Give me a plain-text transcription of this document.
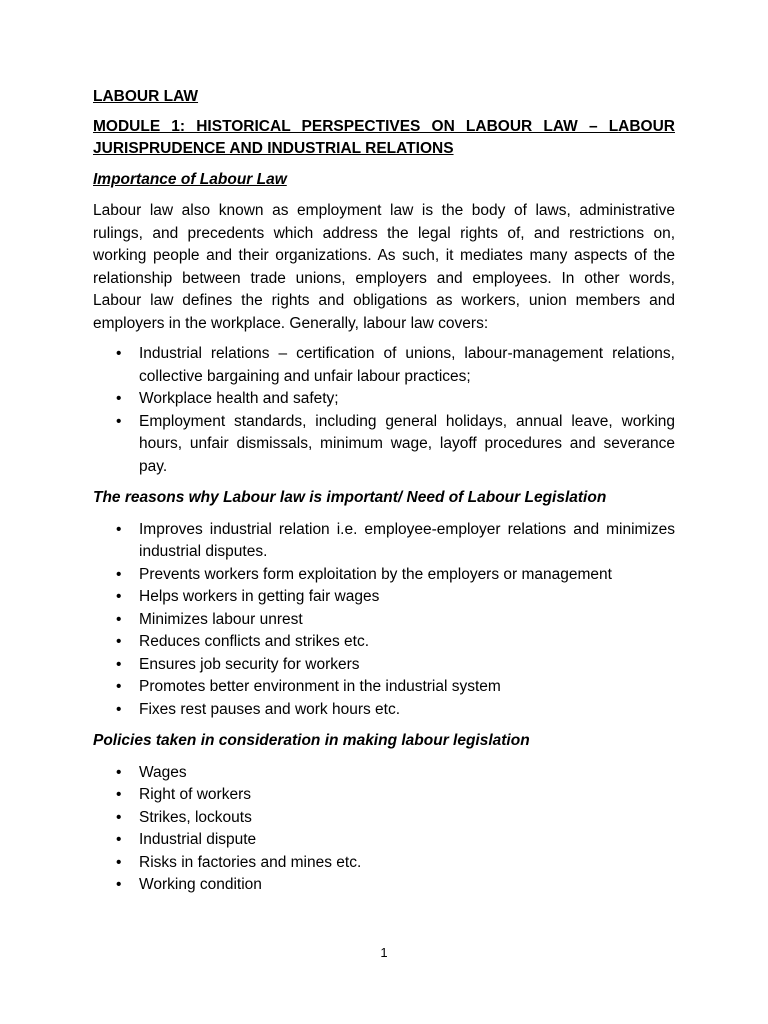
LABOUR LAW
MODULE 1: HISTORICAL PERSPECTIVES ON LABOUR LAW – LABOUR JURISPRUDENCE AND INDUSTRIAL RELATIONS
Importance of Labour Law
Labour law also known as employment law is the body of laws, administrative rulings, and precedents which address the legal rights of, and restrictions on, working people and their organizations. As such, it mediates many aspects of the relationship between trade unions, employers and employees. In other words, Labour law defines the rights and obligations as workers, union members and employers in the workplace. Generally, labour law covers:
• Industrial relations – certification of unions, labour-management relations, collective bargaining and unfair labour practices;
• Workplace health and safety;
• Employment standards, including general holidays, annual leave, working hours, unfair dismissals, minimum wage, layoff procedures and severance pay.
The reasons why Labour law is important/ Need of Labour Legislation
• Improves industrial relation i.e. employee-employer relations and minimizes industrial disputes.
• Prevents workers form exploitation by the employers or management
• Helps workers in getting fair wages
• Minimizes labour unrest
• Reduces conflicts and strikes etc.
• Ensures job security for workers
• Promotes better environment in the industrial system
• Fixes rest pauses and work hours etc.
Policies taken in consideration in making labour legislation
• Wages
• Right of workers
• Strikes, lockouts
• Industrial dispute
• Risks in factories and mines etc.
• Working condition
1
